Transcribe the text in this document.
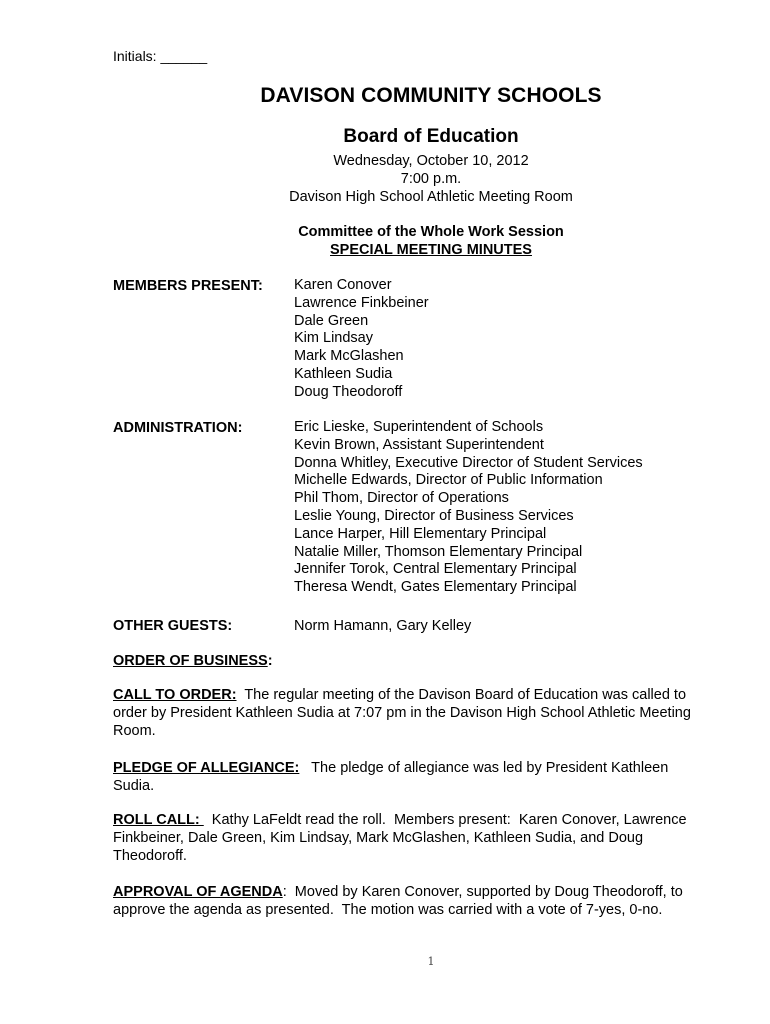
Initials: ______
DAVISON COMMUNITY SCHOOLS
Board of Education
Wednesday, October 10, 2012
7:00 p.m.
Davison High School Athletic Meeting Room
Committee of the Whole Work Session
SPECIAL MEETING MINUTES
MEMBERS PRESENT: Karen Conover
Lawrence Finkbeiner
Dale Green
Kim Lindsay
Mark McGlashen
Kathleen Sudia
Doug Theodoroff
ADMINISTRATION:	Eric Lieske, Superintendent of Schools
Kevin Brown, Assistant Superintendent
Donna Whitley, Executive Director of Student Services
Michelle Edwards, Director of Public Information
Phil Thom, Director of Operations
Leslie Young, Director of Business Services
Lance Harper, Hill Elementary Principal
Natalie Miller, Thomson Elementary Principal
Jennifer Torok, Central Elementary Principal
Theresa Wendt, Gates Elementary Principal
OTHER GUESTS:	Norm Hamann, Gary Kelley
ORDER OF BUSINESS:

CALL TO ORDER:  The regular meeting of the Davison Board of Education was called to order by President Kathleen Sudia at 7:07 pm in the Davison High School Athletic Meeting Room.

PLEDGE OF ALLEGIANCE:   The pledge of allegiance was led by President Kathleen Sudia.

ROLL CALL:   Kathy LaFeldt read the roll.  Members present:  Karen Conover, Lawrence Finkbeiner, Dale Green, Kim Lindsay, Mark McGlashen, Kathleen Sudia, and Doug Theodoroff.

APPROVAL OF AGENDA:  Moved by Karen Conover, supported by Doug Theodoroff, to approve the agenda as presented.  The motion was carried with a vote of 7-yes, 0-no.

1
